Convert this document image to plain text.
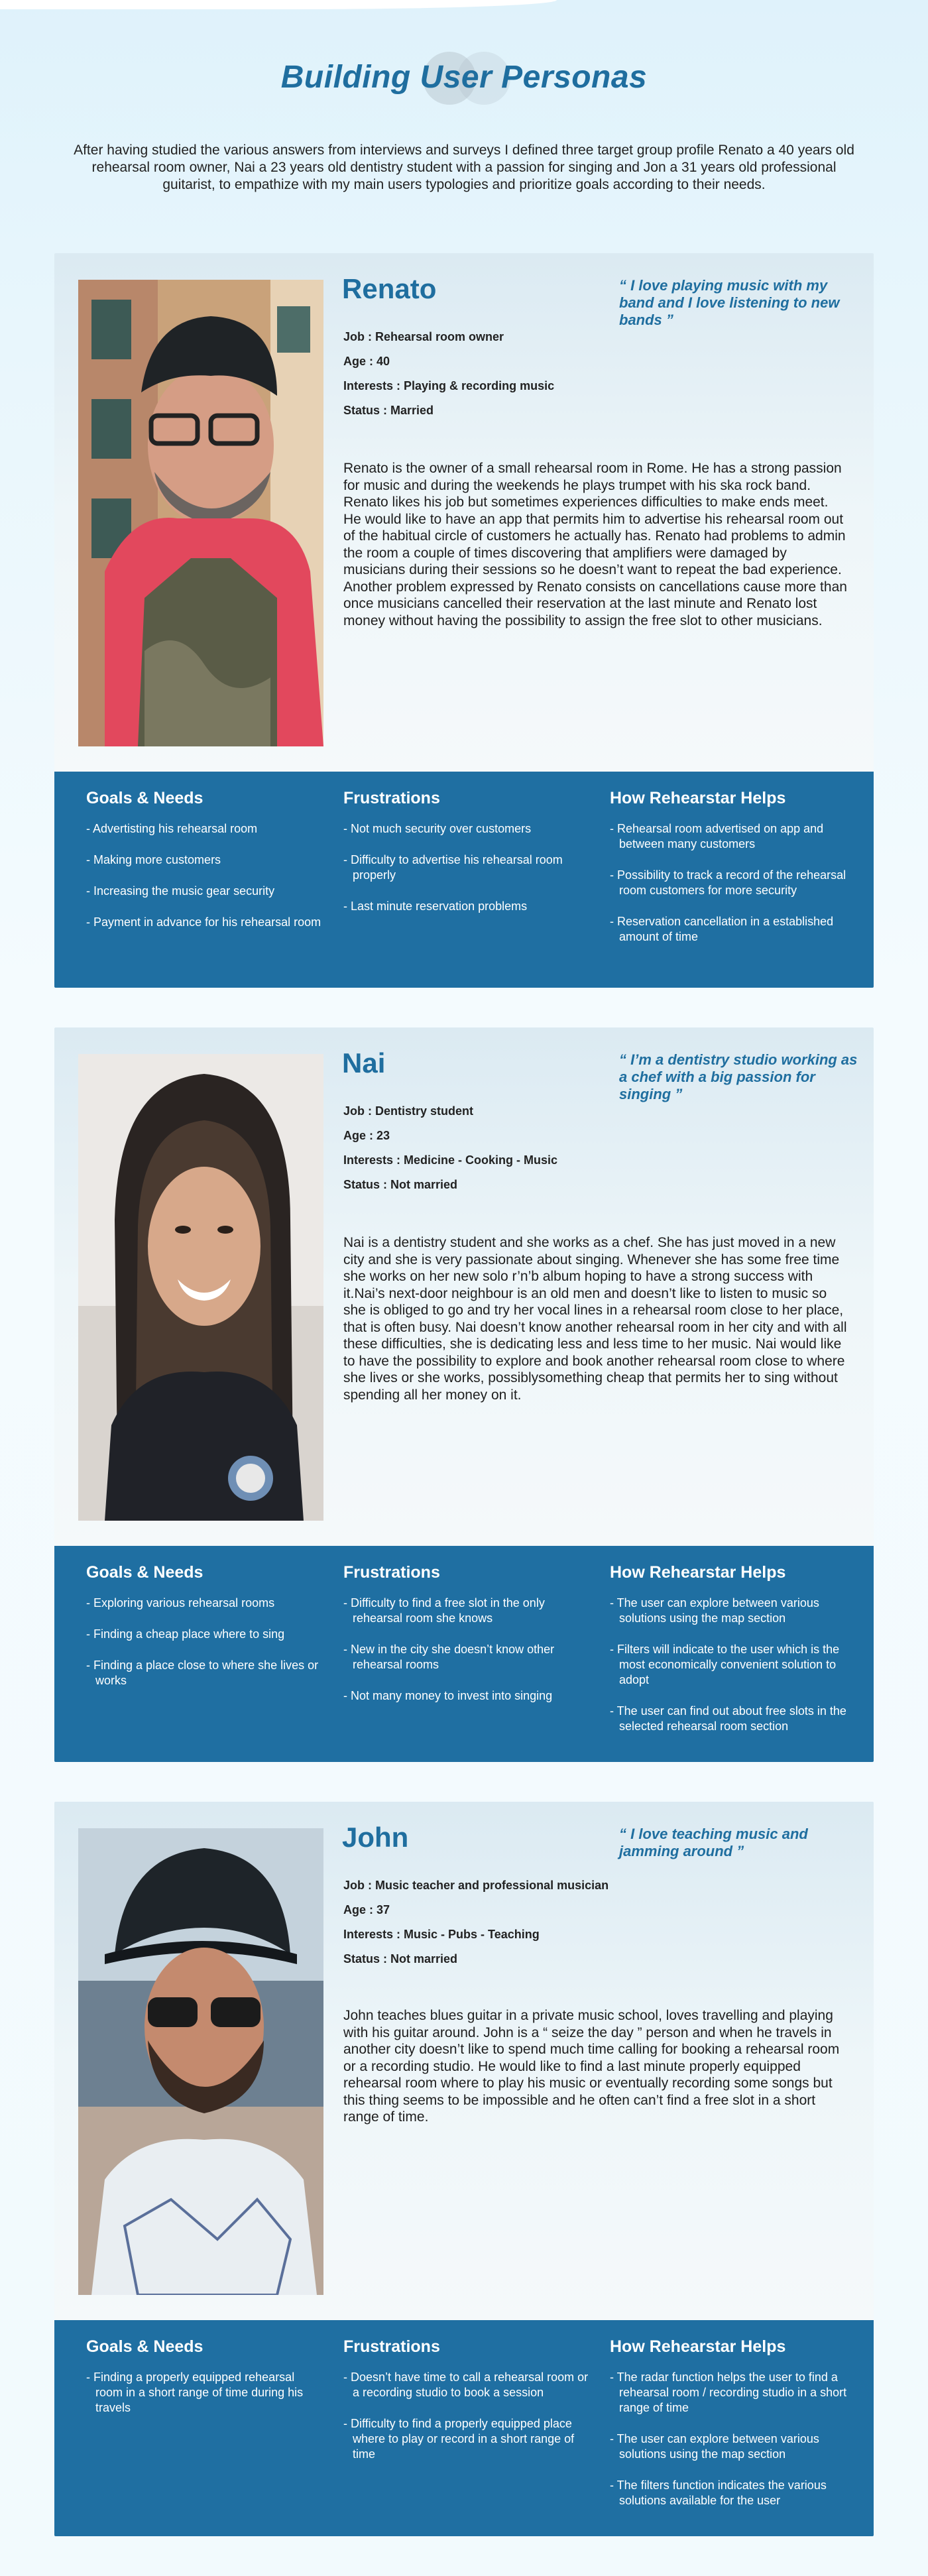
Building User Personas

After having studied the various answers from interviews and surveys I defined three target group profile Renato a 40 years old rehearsal room owner, Nai a 23 years old dentistry student with a passion for singing and Jon a 31 years old professional guitarist, to empathize with my main users typologies and prioritize goals according to their needs.

Renato	“ I love playing music with my band and I love listening to new bands ”
Job : Rehearsal room owner
Age : 40
Interests : Playing & recording music
Status : Married

Renato is the owner of a small rehearsal room in Rome. He has a strong passion for music and during the weekends he plays trumpet with his ska rock band. Renato likes his job but sometimes experiences difficulties to make ends meet. He would like to have an app that permits him to advertise his rehearsal room out of the habitual circle of customers he actually has. Renato had problems to admin the room a couple of times discovering that amplifiers were damaged by musicians during their sessions so he doesn’t want to repeat the bad experience. Another problem expressed by Renato consists on cancellations cause more than once musicians cancelled their reservation at the last minute and Renato lost money without having the possibility to assign the free slot to other musicians.

Goals & Needs
- Advertisting his rehearsal room
- Making more customers
- Increasing the music gear security
- Payment in advance for his rehearsal room
Frustrations
- Not much security over customers
- Difficulty to advertise his rehearsal room properly
- Last minute reservation problems
How Rehearstar Helps
- Rehearsal room advertised on app and between many customers
- Possibility to track a record of the rehearsal room customers for more security
- Reservation cancellation in a established amount of time
Nai	“ I’m a dentistry studio working as a chef with a big passion for singing ”
Job : Dentistry student
Age : 23
Interests : Medicine - Cooking - Music
Status : Not married

Nai is a dentistry student and she works as a chef. She has just moved in a new city and she is very passionate about singing. Whenever she has some free time she works on her new solo r’n’b album hoping to have a strong success with it.Nai’s next-door neighbour is an old men and doesn’t like to listen to music so she is obliged to go and try her vocal lines in a rehearsal room close to her place, that is often busy. Nai doesn’t know another rehearsal room in her city and with all these difficulties, she is dedicating less and less time to her music. Nai would like to have the possibility to explore and book another rehearsal room close to where she lives or she works, possiblysomething cheap that permits her to sing without spending all her money on it.

Goals & Needs
- Exploring various rehearsal rooms
- Finding a cheap place where to sing
- Finding a place close to where she lives or works
Frustrations
- Difficulty to find a free slot in the only rehearsal room she knows
- New in the city she doesn’t know other rehearsal rooms
- Not many money to invest into singing
How Rehearstar Helps
- The user can explore between various solutions using the map section
- Filters will indicate to the user which is the most economically convenient solution to adopt
- The user can find out about free slots in the selected rehearsal room section
John	“ I love teaching music and jamming around ”
Job : Music teacher and professional musician
Age : 37
Interests : Music - Pubs - Teaching
Status : Not married

John teaches blues guitar in a private music school, loves travelling and playing with his guitar around. John is a “ seize the day ” person and when he travels in another city doesn’t like to spend much time calling for booking a rehearsal room or a recording studio. He would like to find a last minute properly equipped rehearsal room where to play his music or eventually recording some songs but this thing seems to be impossible and he often can’t find a free slot in a short range of time.

Goals & Needs
- Finding a properly equipped rehearsal room in a short range of time during his travels
Frustrations
- Doesn’t have time to call a rehearsal room or a recording studio to book a session
- Difficulty to find a properly equipped place where to play or record in a short range of time
How Rehearstar Helps
- The radar function helps the user to find a rehearsal room / recording studio in a short range of time
- The user can explore between various solutions using the map section
- The filters function indicates the various solutions available for the user
